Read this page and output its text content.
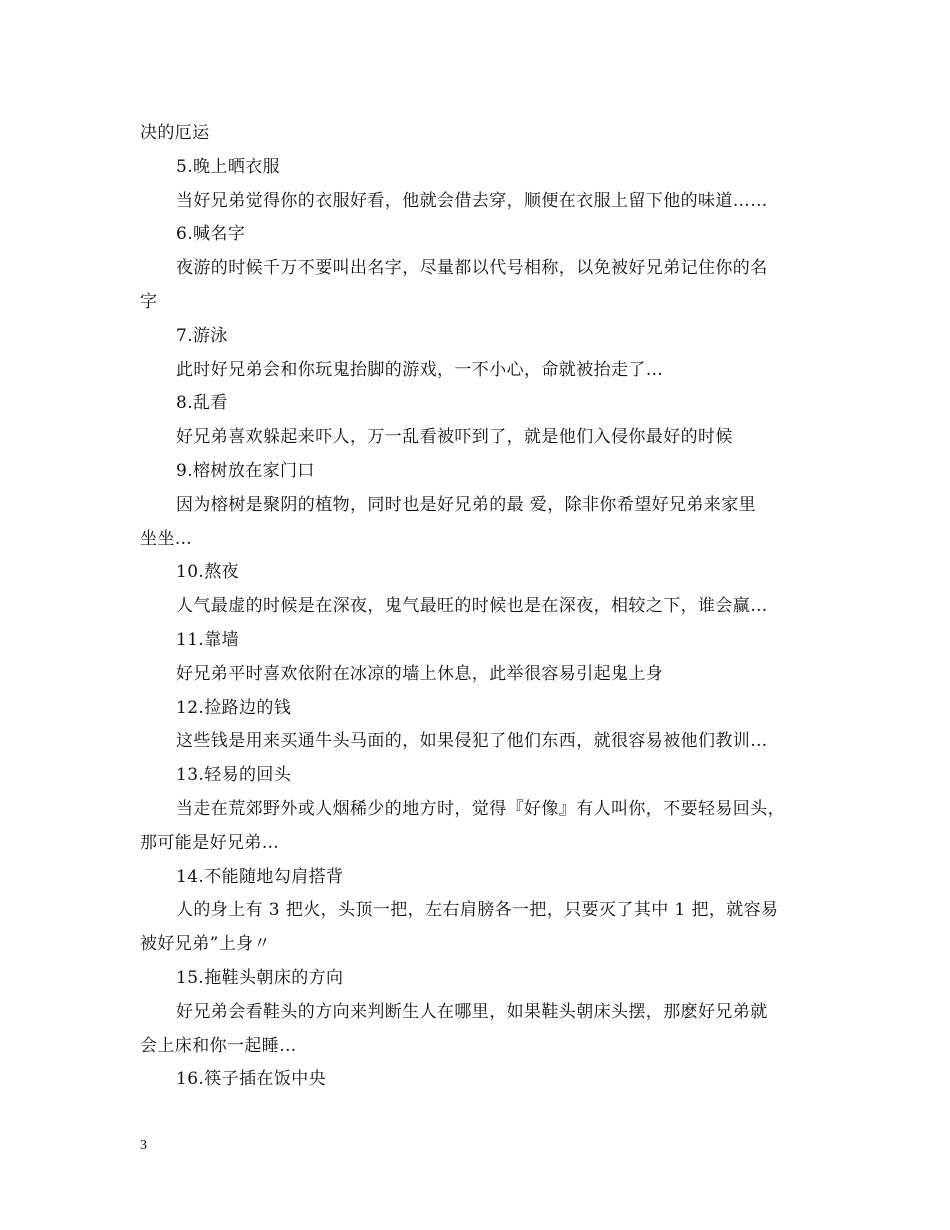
决的厄运
5.晚上晒衣服
当好兄弟觉得你的衣服好看，他就会借去穿，顺便在衣服上留下他的味道……
6.喊名字
夜游的时候千万不要叫出名字，尽量都以代号相称，以免被好兄弟记住你的名
字
7.游泳
此时好兄弟会和你玩鬼抬脚的游戏，一不小心，命就被抬走了…
8.乱看
好兄弟喜欢躲起来吓人，万一乱看被吓到了，就是他们入侵你最好的时候
9.榕树放在家门口
因为榕树是聚阴的植物，同时也是好兄弟的最 爱，除非你希望好兄弟来家里
坐坐…
10.熬夜
人气最虚的时候是在深夜，鬼气最旺的时候也是在深夜，相较之下，谁会赢…
11.靠墙
好兄弟平时喜欢依附在冰凉的墙上休息，此举很容易引起鬼上身
12.捡路边的钱
这些钱是用来买通牛头马面的，如果侵犯了他们东西，就很容易被他们教训…
13.轻易的回头
当走在荒郊野外或人烟稀少的地方时，觉得『好像』有人叫你，不要轻易回头，
那可能是好兄弟…
14.不能随地勾肩搭背
人的身上有 3 把火，头顶一把，左右肩膀各一把，只要灭了其中 1 把，就容易
被好兄弟”上身〃
15.拖鞋头朝床的方向
好兄弟会看鞋头的方向来判断生人在哪里，如果鞋头朝床头摆，那麽好兄弟就
会上床和你一起睡…
16.筷子插在饭中央
3
